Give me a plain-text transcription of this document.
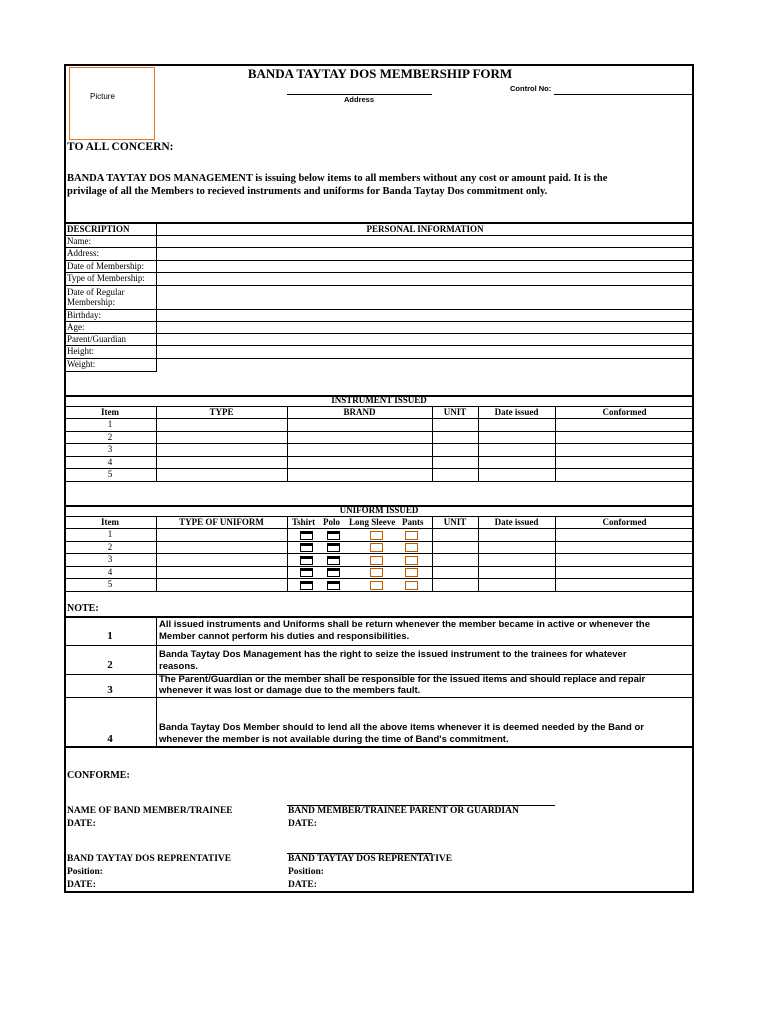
Picture
BANDA TAYTAY DOS MEMBERSHIP FORM
Address
Control No:
TO ALL CONCERN:
BANDA TAYTAY DOS MANAGEMENT is issuing below items to all members without any cost or amount paid. It is the
privilage of all the Members to recieved instruments and uniforms for Banda Taytay Dos commitment only.
DESCRIPTION	PERSONAL INFORMATION
Name:
Address:
Date of Membership:
Type of Membership:
Date of Regular
Membership:
Birthday:
Age:
Parent/Guardian
Height:
Weight:
INSTRUMENT ISSUED
Item	TYPE	BRAND	UNIT	Date issued	Conformed
1
2
3
4
5
UNIFORM ISSUED
Item	TYPE OF UNIFORM	Tshirt Polo Long Sleeve Pants	UNIT	Date issued	Conformed
1
2
3
4
5
NOTE:
1
All issued instruments and Uniforms shall be return whenever the member became in active or whenever the
Member cannot perform his duties and responsibilities.
2
Banda Taytay Dos Management has the right to seize the issued instrument to the trainees for whatever
reasons.
3
The Parent/Guardian or the member shall be responsible for the issued items and should replace and repair
whenever it was lost or damage due to the members fault.
4
Banda Taytay Dos Member should to lend all the above items whenever it is deemed needed by the Band or
whenever the member is not available during the time of Band's commitment.
CONFORME:
NAME OF BAND MEMBER/TRAINEE	BAND MEMBER/TRAINEE PARENT OR GUARDIAN
DATE:	DATE:
BAND TAYTAY DOS REPRENTATIVE	BAND TAYTAY DOS REPRENTATIVE
Position:	Position:
DATE:	DATE:
